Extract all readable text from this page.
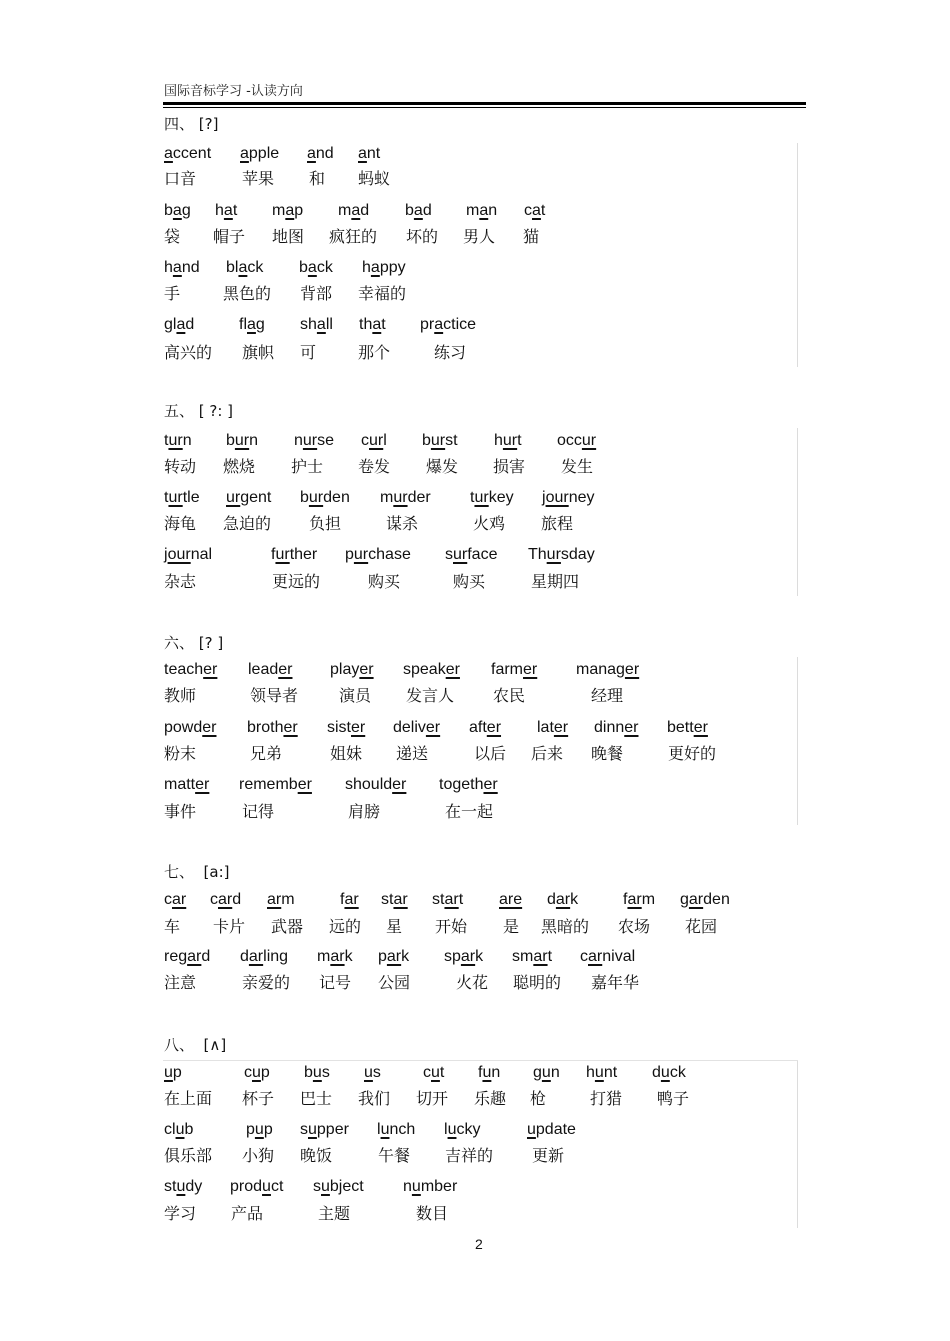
国际音标学习 -认读方向
四、 [?]
accent apple and ant
口音	苹果 和 蚂蚁
bag hat map mad bad man cat
袋 帽子 地图 疯狂的 坏的 男人 猫
hand black back happy
手	黑色的 背部 幸福的
glad	flag shall that practice
高兴的 旗帜 可	那个	练习
五、 [ ?: ]
turn burn nurse curl burst hurt occur
转动 燃烧 护士 卷发 爆发 损害 发生
turtle urgent burden murder turkey journey
海龟 急迫的 负担	谋杀	火鸡 旅程
journal	further purchase surface Thursday
杂志	更远的	购买	购买	星期四
六、 [? ]
teacher leader player speaker farmer manager
教师	领导者	演员 发言人 农民	经理
powder brother sister deliver after later dinner better
粉末	兄弟	姐妹 递送	以后 后来 晚餐	更好的
matter remember shoulder together
事件	记得	肩膀	在一起
七、  [a:]
car card arm	far star start are dark	farm garden
车 卡片 武器 远的 星 开始 是 黑暗的 农场 花园
regard darling mark park spark smart carnival
注意	亲爱的 记号 公园	火花 聪明的 嘉年华
八、  [∧]
up	cup bus us	cut fun gun hunt duck
在上面 杯子 巴士 我们 切开 乐趣 枪	打猎 鸭子
club	pup supper lunch lucky	update
俱乐部 小狗 晚饭	午餐 吉祥的 更新
study product subject number
学习 产品	主题	数目
2
